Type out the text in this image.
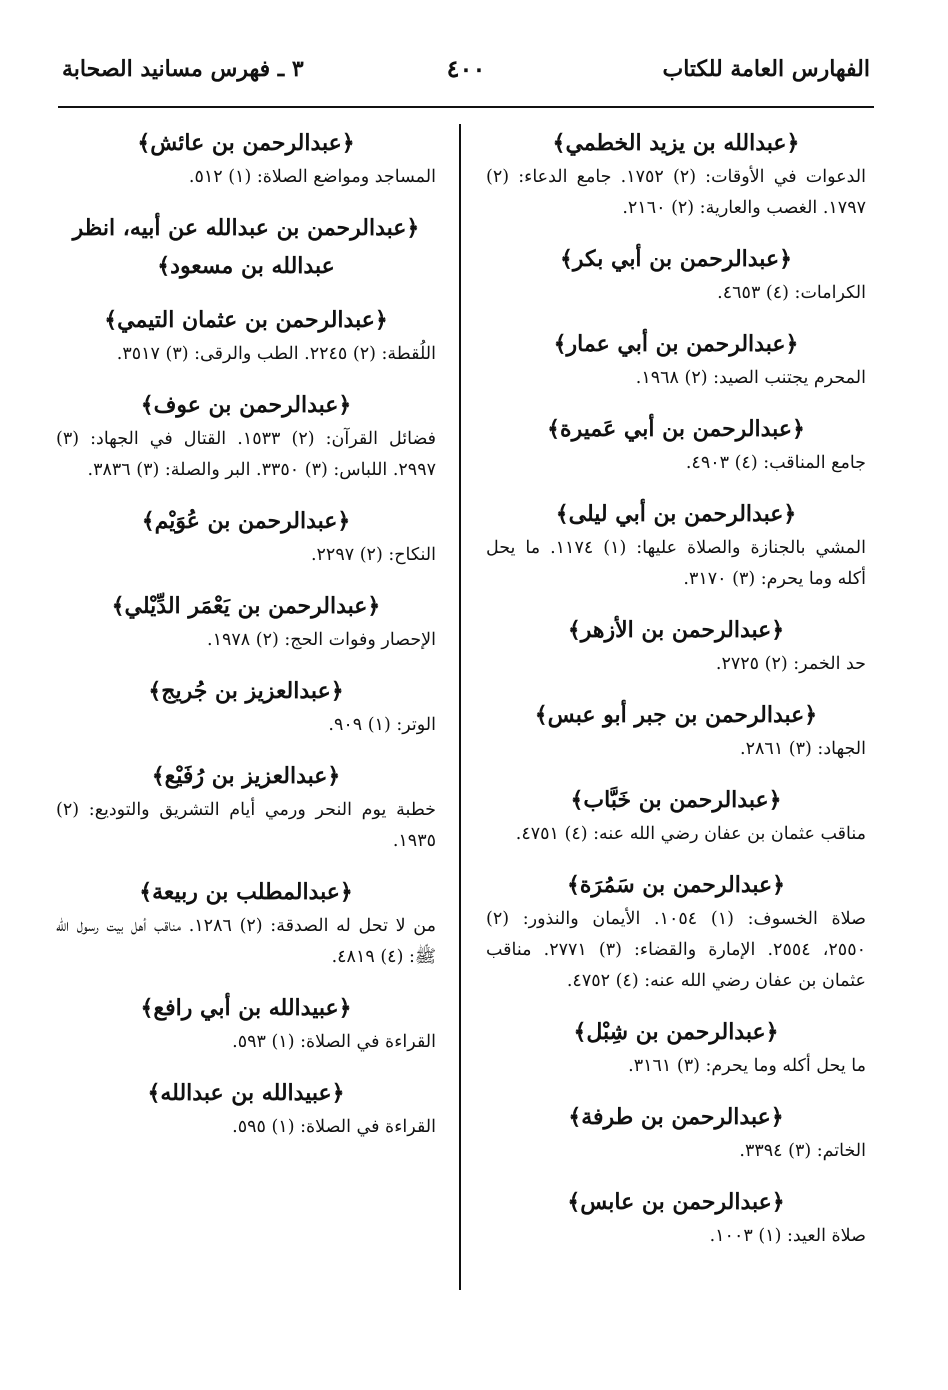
الفهارس العامة للكتاب
٤٠٠
٣ ـ فهرس مسانيد الصحابة
﴿عبدالله بن يزيد الخطمي﴾
الدعوات في الأوقات: (٢) ١٧٥٢. جامع الدعاء: (٢) ١٧٩٧. الغصب والعارية: (٢) ٢١٦٠.
﴿عبدالرحمن بن أبي بكر﴾
الكرامات: (٤) ٤٦٥٣.
﴿عبدالرحمن بن أبي عمار﴾
المحرم يجتنب الصيد: (٢) ١٩٦٨.
﴿عبدالرحمن بن أبي عَميرة﴾
جامع المناقب: (٤) ٤٩٠٣.
﴿عبدالرحمن بن أبي ليلى﴾
المشي بالجنازة والصلاة عليها: (١) ١١٧٤. ما يحل أكله وما يحرم: (٣) ٣١٧٠.
﴿عبدالرحمن بن الأزهر﴾
حد الخمر: (٢) ٢٧٢٥.
﴿عبدالرحمن بن جبر أبو عبس﴾
الجهاد: (٣) ٢٨٦١.
﴿عبدالرحمن بن خَبَّاب﴾
مناقب عثمان بن عفان رضي الله عنه: (٤) ٤٧٥١.
﴿عبدالرحمن بن سَمُرَة﴾
صلاة الخسوف: (١) ١٠٥٤. الأيمان والنذور: (٢) ٢٥٥٠، ٢٥٥٤. الإمارة والقضاء: (٣) ٢٧٧١. مناقب عثمان بن عفان رضي الله عنه: (٤) ٤٧٥٢.
﴿عبدالرحمن بن شِبْل﴾
ما يحل أكله وما يحرم: (٣) ٣١٦١.
﴿عبدالرحمن بن طرفة﴾
الخاتم: (٣) ٣٣٩٤.
﴿عبدالرحمن بن عابس﴾
صلاة العيد: (١) ١٠٠٣.
﴿عبدالرحمن بن عائش﴾
المساجد ومواضع الصلاة: (١) ٥١٢.
﴿عبدالرحمن بن عبدالله عن أبيه، انظر عبدالله بن مسعود﴾
﴿عبدالرحمن بن عثمان التيمي﴾
اللُقطة: (٢) ٢٢٤٥. الطب والرقى: (٣) ٣٥١٧.
﴿عبدالرحمن بن عوف﴾
فضائل القرآن: (٢) ١٥٣٣. القتال في الجهاد: (٣) ٢٩٩٧. اللباس: (٣) ٣٣٥٠. البر والصلة: (٣) ٣٨٣٦.
﴿عبدالرحمن بن عُوَيْم﴾
النكاح: (٢) ٢٢٩٧.
﴿عبدالرحمن بن يَعْمَر الدِّيْلي﴾
الإحصار وفوات الحج: (٢) ١٩٧٨.
﴿عبدالعزيز بن جُريج﴾
الوتر: (١) ٩٠٩.
﴿عبدالعزيز بن رُفَيْع﴾
خطبة يوم النحر ورمي أيام التشريق والتوديع: (٢) ١٩٣٥.
﴿عبدالمطلب بن ربيعة﴾
من لا تحل له الصدقة: (٢) ١٢٨٦. مناقب أهل بيت رسول الله ﷺ: (٤) ٤٨١٩.
﴿عبيدالله بن أبي رافع﴾
القراءة في الصلاة: (١) ٥٩٣.
﴿عبيدالله بن عبدالله﴾
القراءة في الصلاة: (١) ٥٩٥.
